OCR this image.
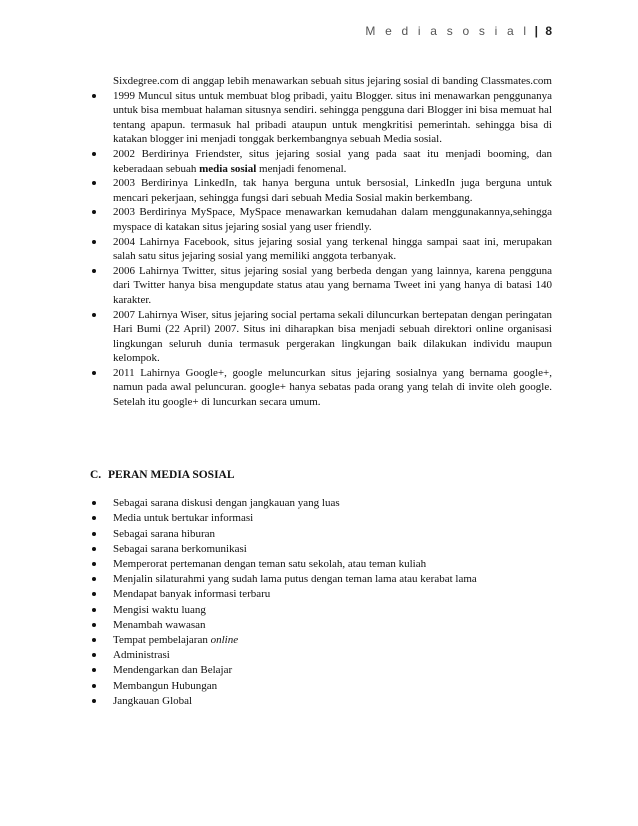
M e d i a s o s i a l | 8
Sixdegree.com di anggap lebih menawarkan sebuah situs jejaring sosial di banding Classmates.com
1999 Muncul situs untuk membuat blog pribadi, yaitu Blogger. situs ini menawarkan penggunanya untuk bisa membuat halaman situsnya sendiri. sehingga pengguna dari Blogger ini bisa memuat hal tentang apapun. termasuk hal pribadi ataupun untuk mengkritisi pemerintah. sehingga bisa di katakan blogger ini menjadi tonggak berkembangnya sebuah Media sosial.
2002 Berdirinya Friendster, situs jejaring sosial yang pada saat itu menjadi booming, dan keberadaan sebuah media sosial menjadi fenomenal.
2003 Berdirinya LinkedIn, tak hanya berguna untuk bersosial, LinkedIn juga berguna untuk mencari pekerjaan, sehingga fungsi dari sebuah Media Sosial makin berkembang.
2003 Berdirinya MySpace, MySpace menawarkan kemudahan dalam menggunakannya,sehingga myspace di katakan situs jejaring sosial yang user friendly.
2004 Lahirnya Facebook, situs jejaring sosial yang terkenal hingga sampai saat ini, merupakan salah satu situs jejaring sosial yang memiliki anggota terbanyak.
2006 Lahirnya Twitter, situs jejaring sosial yang berbeda dengan yang lainnya, karena pengguna dari Twitter hanya bisa mengupdate status atau yang bernama Tweet ini yang hanya di batasi 140 karakter.
2007 Lahirnya Wiser, situs jejaring social pertama sekali diluncurkan bertepatan dengan peringatan Hari Bumi (22 April) 2007. Situs ini diharapkan bisa menjadi sebuah direktori online organisasi lingkungan seluruh dunia termasuk pergerakan lingkungan baik dilakukan individu maupun kelompok.
2011 Lahirnya Google+, google meluncurkan situs jejaring sosialnya yang bernama google+, namun pada awal peluncuran. google+ hanya sebatas pada orang yang telah di invite oleh google. Setelah itu google+ di luncurkan secara umum.
C. PERAN MEDIA SOSIAL
Sebagai sarana diskusi dengan jangkauan yang luas
Media untuk bertukar informasi
Sebagai sarana hiburan
Sebagai sarana berkomunikasi
Memperorat pertemanan dengan teman satu sekolah, atau teman kuliah
Menjalin silaturahmi yang sudah lama putus dengan teman lama atau kerabat lama
Mendapat banyak informasi terbaru
Mengisi waktu luang
Menambah wawasan
Tempat pembelajaran online
Administrasi
Mendengarkan dan Belajar
Membangun Hubungan
Jangkauan Global
